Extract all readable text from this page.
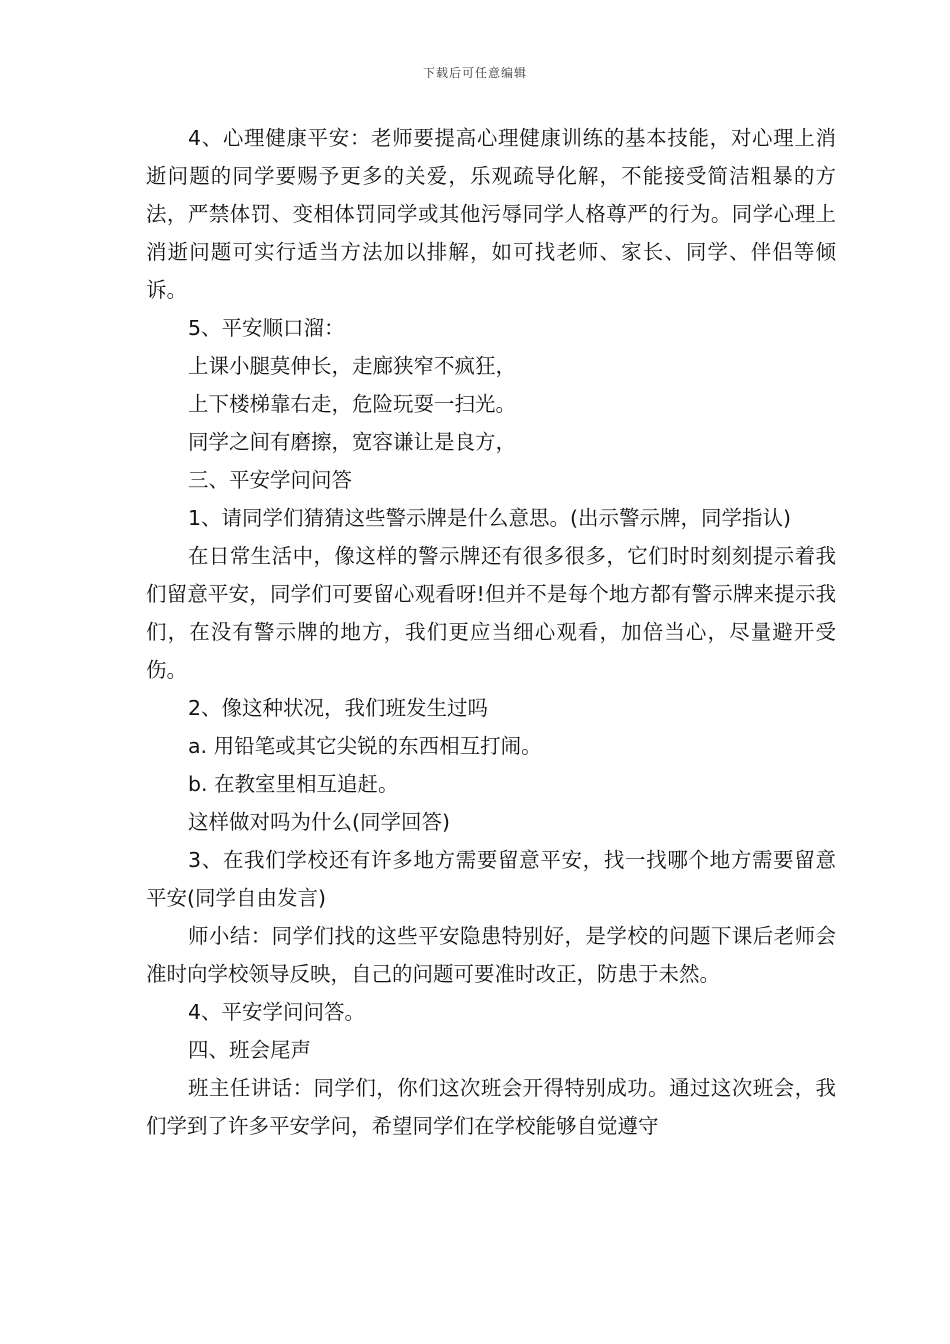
下载后可任意编辑

4、心理健康平安：老师要提高心理健康训练的基本技能，对心理上消逝问题的同学要赐予更多的关爱，乐观疏导化解，不能接受简洁粗暴的方法，严禁体罚、变相体罚同学或其他污辱同学人格尊严的行为。同学心理上消逝问题可实行适当方法加以排解，如可找老师、家长、同学、伴侣等倾诉。

5、平安顺口溜：

上课小腿莫伸长，走廊狭窄不疯狂，

上下楼梯靠右走，危险玩耍一扫光。

同学之间有磨擦，宽容谦让是良方，

三、平安学问问答

1、请同学们猜猜这些警示牌是什么意思。(出示警示牌，同学指认)

在日常生活中，像这样的警示牌还有很多很多，它们时时刻刻提示着我们留意平安，同学们可要留心观看呀!但并不是每个地方都有警示牌来提示我们，在没有警示牌的地方，我们更应当细心观看，加倍当心，尽量避开受伤。

2、像这种状况，我们班发生过吗

a. 用铅笔或其它尖锐的东西相互打闹。

b. 在教室里相互追赶。

这样做对吗为什么(同学回答)

3、在我们学校还有许多地方需要留意平安，找一找哪个地方需要留意平安(同学自由发言)

师小结：同学们找的这些平安隐患特别好，是学校的问题下课后老师会准时向学校领导反映，自己的问题可要准时改正，防患于未然。

4、平安学问问答。

四、班会尾声

班主任讲话：同学们，你们这次班会开得特别成功。通过这次班会，我们学到了许多平安学问，希望同学们在学校能够自觉遵守
